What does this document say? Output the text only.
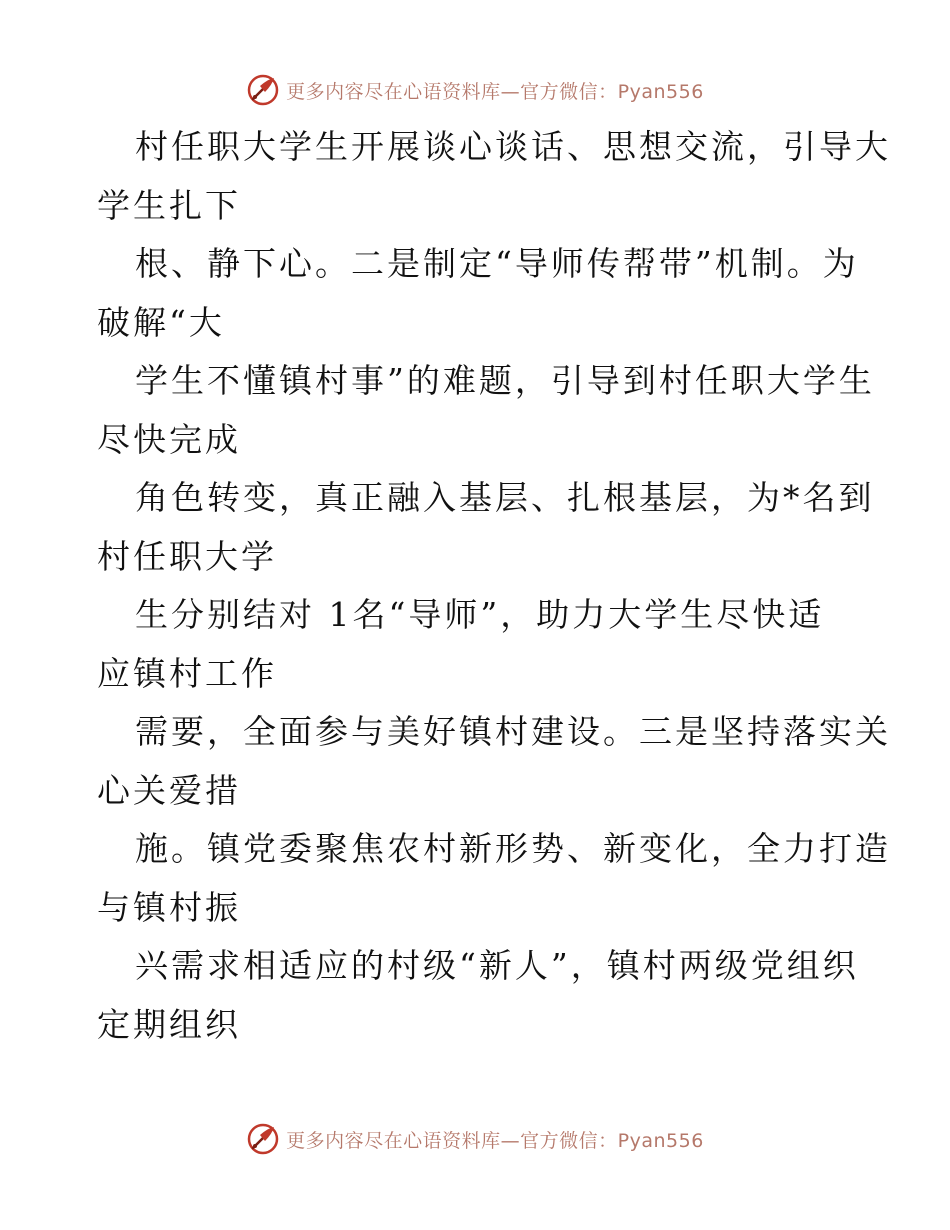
更多内容尽在心语资料库—官方微信：Pyan556
村任职大学生开展谈心谈话、思想交流，引导大
学生扎下
根、静下心。二是制定“导师传帮带”机制。为
破解“大
学生不懂镇村事”的难题，引导到村任职大学生
尽快完成
角色转变，真正融入基层、扎根基层，为*名到
村任职大学
生分别结对 1名“导师”，助力大学生尽快适
应镇村工作
需要，全面参与美好镇村建设。三是坚持落实关
心关爱措
施。镇党委聚焦农村新形势、新变化，全力打造
与镇村振
兴需求相适应的村级“新人”，镇村两级党组织
定期组织
更多内容尽在心语资料库—官方微信：Pyan556
